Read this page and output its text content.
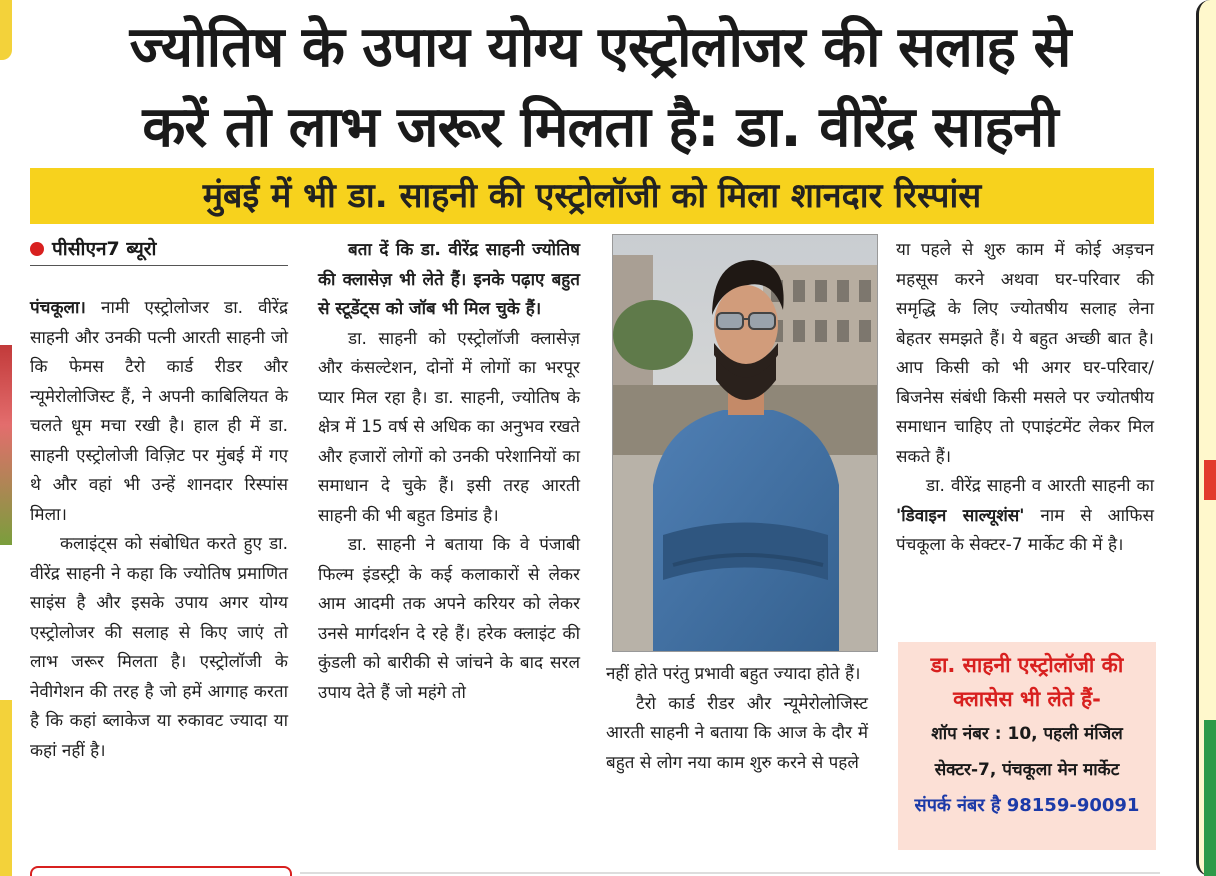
ज्योतिष के उपाय योग्य एस्ट्रोलोजर की सलाह से
करें तो लाभ जरूर मिलता है: डा. वीरेंद्र साहनी
मुंबई में भी डा. साहनी की एस्ट्रोलॉजी को मिला शानदार रिस्पांस
पीसीएन7 ब्यूरो

पंचकूला। नामी एस्ट्रोलोजर डा. वीरेंद्र साहनी और उनकी पत्नी आरती साहनी जो कि फेमस टैरो कार्ड रीडर और न्यूमेरोलोजिस्ट हैं, ने अपनी काबिलियत के चलते धूम मचा रखी है। हाल ही में डा. साहनी एस्ट्रोलोजी विज़िट पर मुंबई में गए थे और वहां भी उन्हें शानदार रिस्पांस मिला।

कलाइंट्स को संबोधित करते हुए डा. वीरेंद्र साहनी ने कहा कि ज्योतिष प्रमाणित साइंस है और इसके उपाय अगर योग्य एस्ट्रोलोजर की सलाह से किए जाएं तो लाभ जरूर मिलता है। एस्ट्रोलॉजी के नेवीगेशन की तरह है जो हमें आगाह करता है कि कहां ब्लाकेज या रुकावट ज्यादा या कहां नहीं है।

बता दें कि डा. वीरेंद्र साहनी ज्योतिष की क्लासेज़ भी लेते हैं। इनके पढ़ाए बहुत से स्टूडेंट्स को जॉब भी मिल चुके हैं।

डा. साहनी को एस्ट्रोलॉजी क्लासेज़ और कंसल्टेशन, दोनों में लोगों का भरपूर प्यार मिल रहा है। डा. साहनी, ज्योतिष के क्षेत्र में 15 वर्ष से अधिक का अनुभव रखते और हजारों लोगों को उनकी परेशानियों का समाधान दे चुके हैं। इसी तरह आरती साहनी की भी बहुत डिमांड है।

डा. साहनी ने बताया कि वे पंजाबी फिल्म इंडस्ट्री के कई कलाकारों से लेकर आम आदमी तक अपने करियर को लेकर उनसे मार्गदर्शन दे रहे हैं। हरेक क्लाइंट की कुंडली को बारीकी से जांचने के बाद सरल उपाय देते हैं जो महंगे तो

नहीं होते परंतु प्रभावी बहुत ज्यादा होते हैं।

टैरो कार्ड रीडर और न्यूमेरोलोजिस्ट आरती साहनी ने बताया कि आज के दौर में बहुत से लोग नया काम शुरु करने से पहले

या पहले से शुरु काम में कोई अड़चन महसूस करने अथवा घर-परिवार की समृद्धि के लिए ज्योतषीय सलाह लेना बेहतर समझते हैं। ये बहुत अच्छी बात है। आप किसी को भी अगर घर-परिवार/बिजनेस संबंधी किसी मसले पर ज्योतषीय समाधान चाहिए तो एपाइंटमेंट लेकर मिल सकते हैं।

डा. वीरेंद्र साहनी व आरती साहनी का 'डिवाइन साल्यूशंस' नाम से आफिस पंचकूला के सेक्टर-7 मार्केट की में है।

डा. साहनी एस्ट्रोलॉजी की
क्लासेस भी लेते हैं-
शॉप नंबर : 10, पहली मंजिल
सेक्टर-7, पंचकूला मेन मार्केट
संपर्क नंबर है 98159-90091
